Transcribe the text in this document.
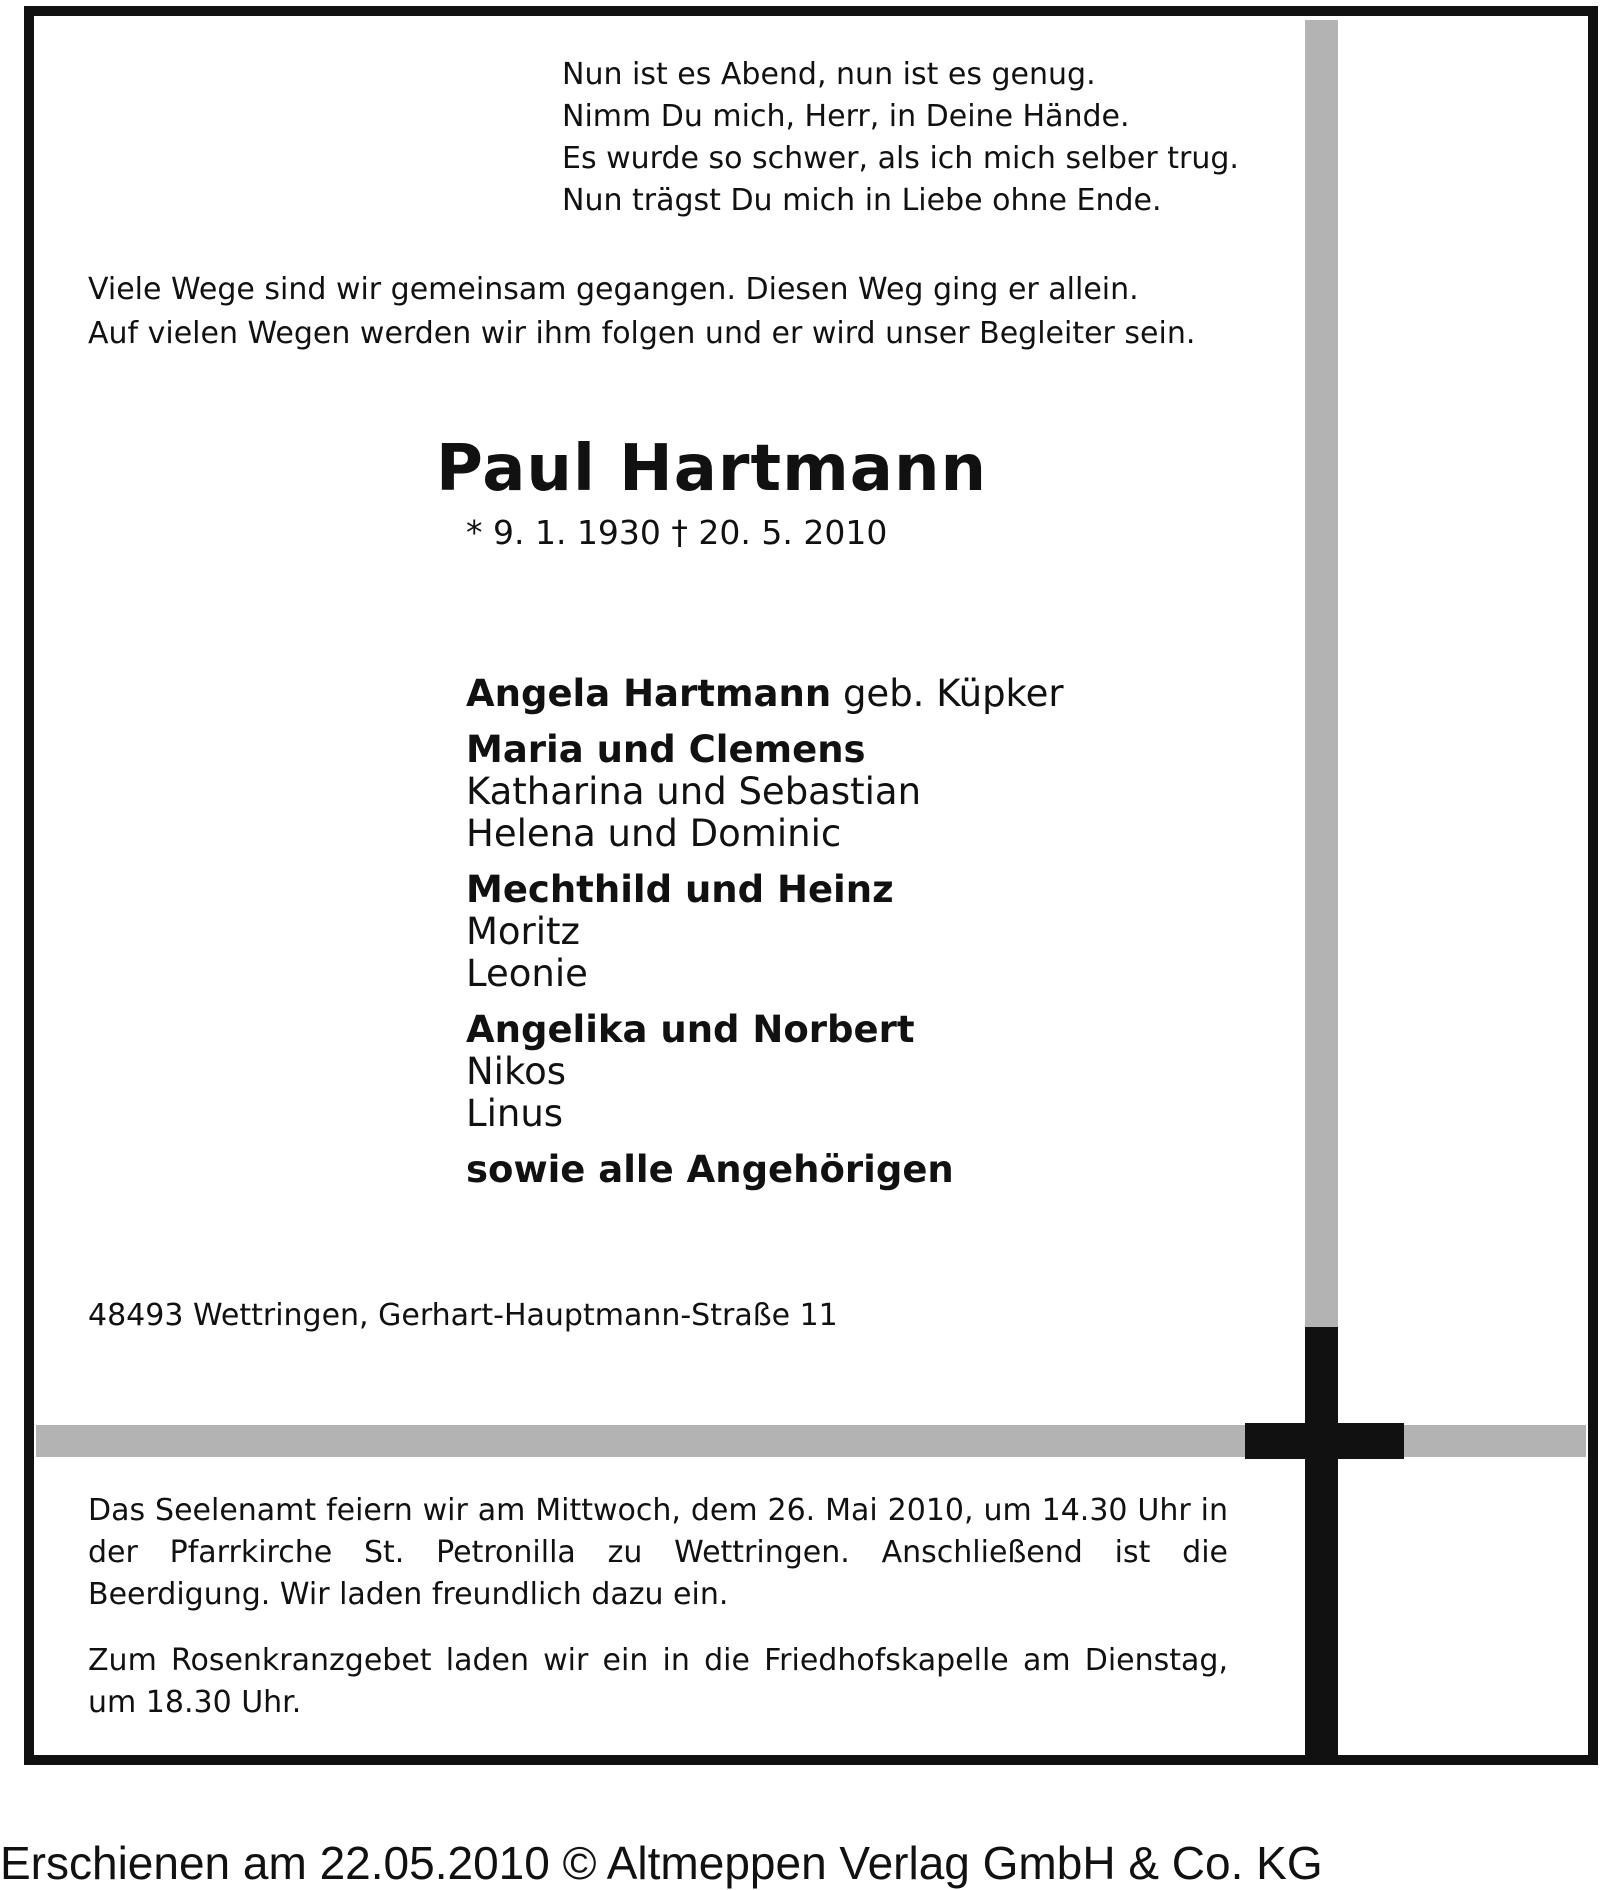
Nun ist es Abend, nun ist es genug.
Nimm Du mich, Herr, in Deine Hände.
Es wurde so schwer, als ich mich selber trug.
Nun trägst Du mich in Liebe ohne Ende.
Viele Wege sind wir gemeinsam gegangen. Diesen Weg ging er allein.
Auf vielen Wegen werden wir ihm folgen und er wird unser Begleiter sein.
Paul Hartmann
* 9. 1. 1930 † 20. 5. 2010
Angela Hartmann geb. Küpker
Maria und Clemens
Katharina und Sebastian
Helena und Dominic
Mechthild und Heinz
Moritz
Leonie
Angelika und Norbert
Nikos
Linus
sowie alle Angehörigen
48493 Wettringen, Gerhart-Hauptmann-Straße 11

Das Seelenamt feiern wir am Mittwoch, dem 26. Mai 2010, um 14.30 Uhr in der Pfarrkirche St. Petronilla zu Wettringen. Anschließend ist die Beerdigung. Wir laden freundlich dazu ein.

Zum Rosenkranzgebet laden wir ein in die Friedhofskapelle am Dienstag, um 18.30 Uhr.

Erschienen am 22.05.2010 © Altmeppen Verlag GmbH & Co. KG
